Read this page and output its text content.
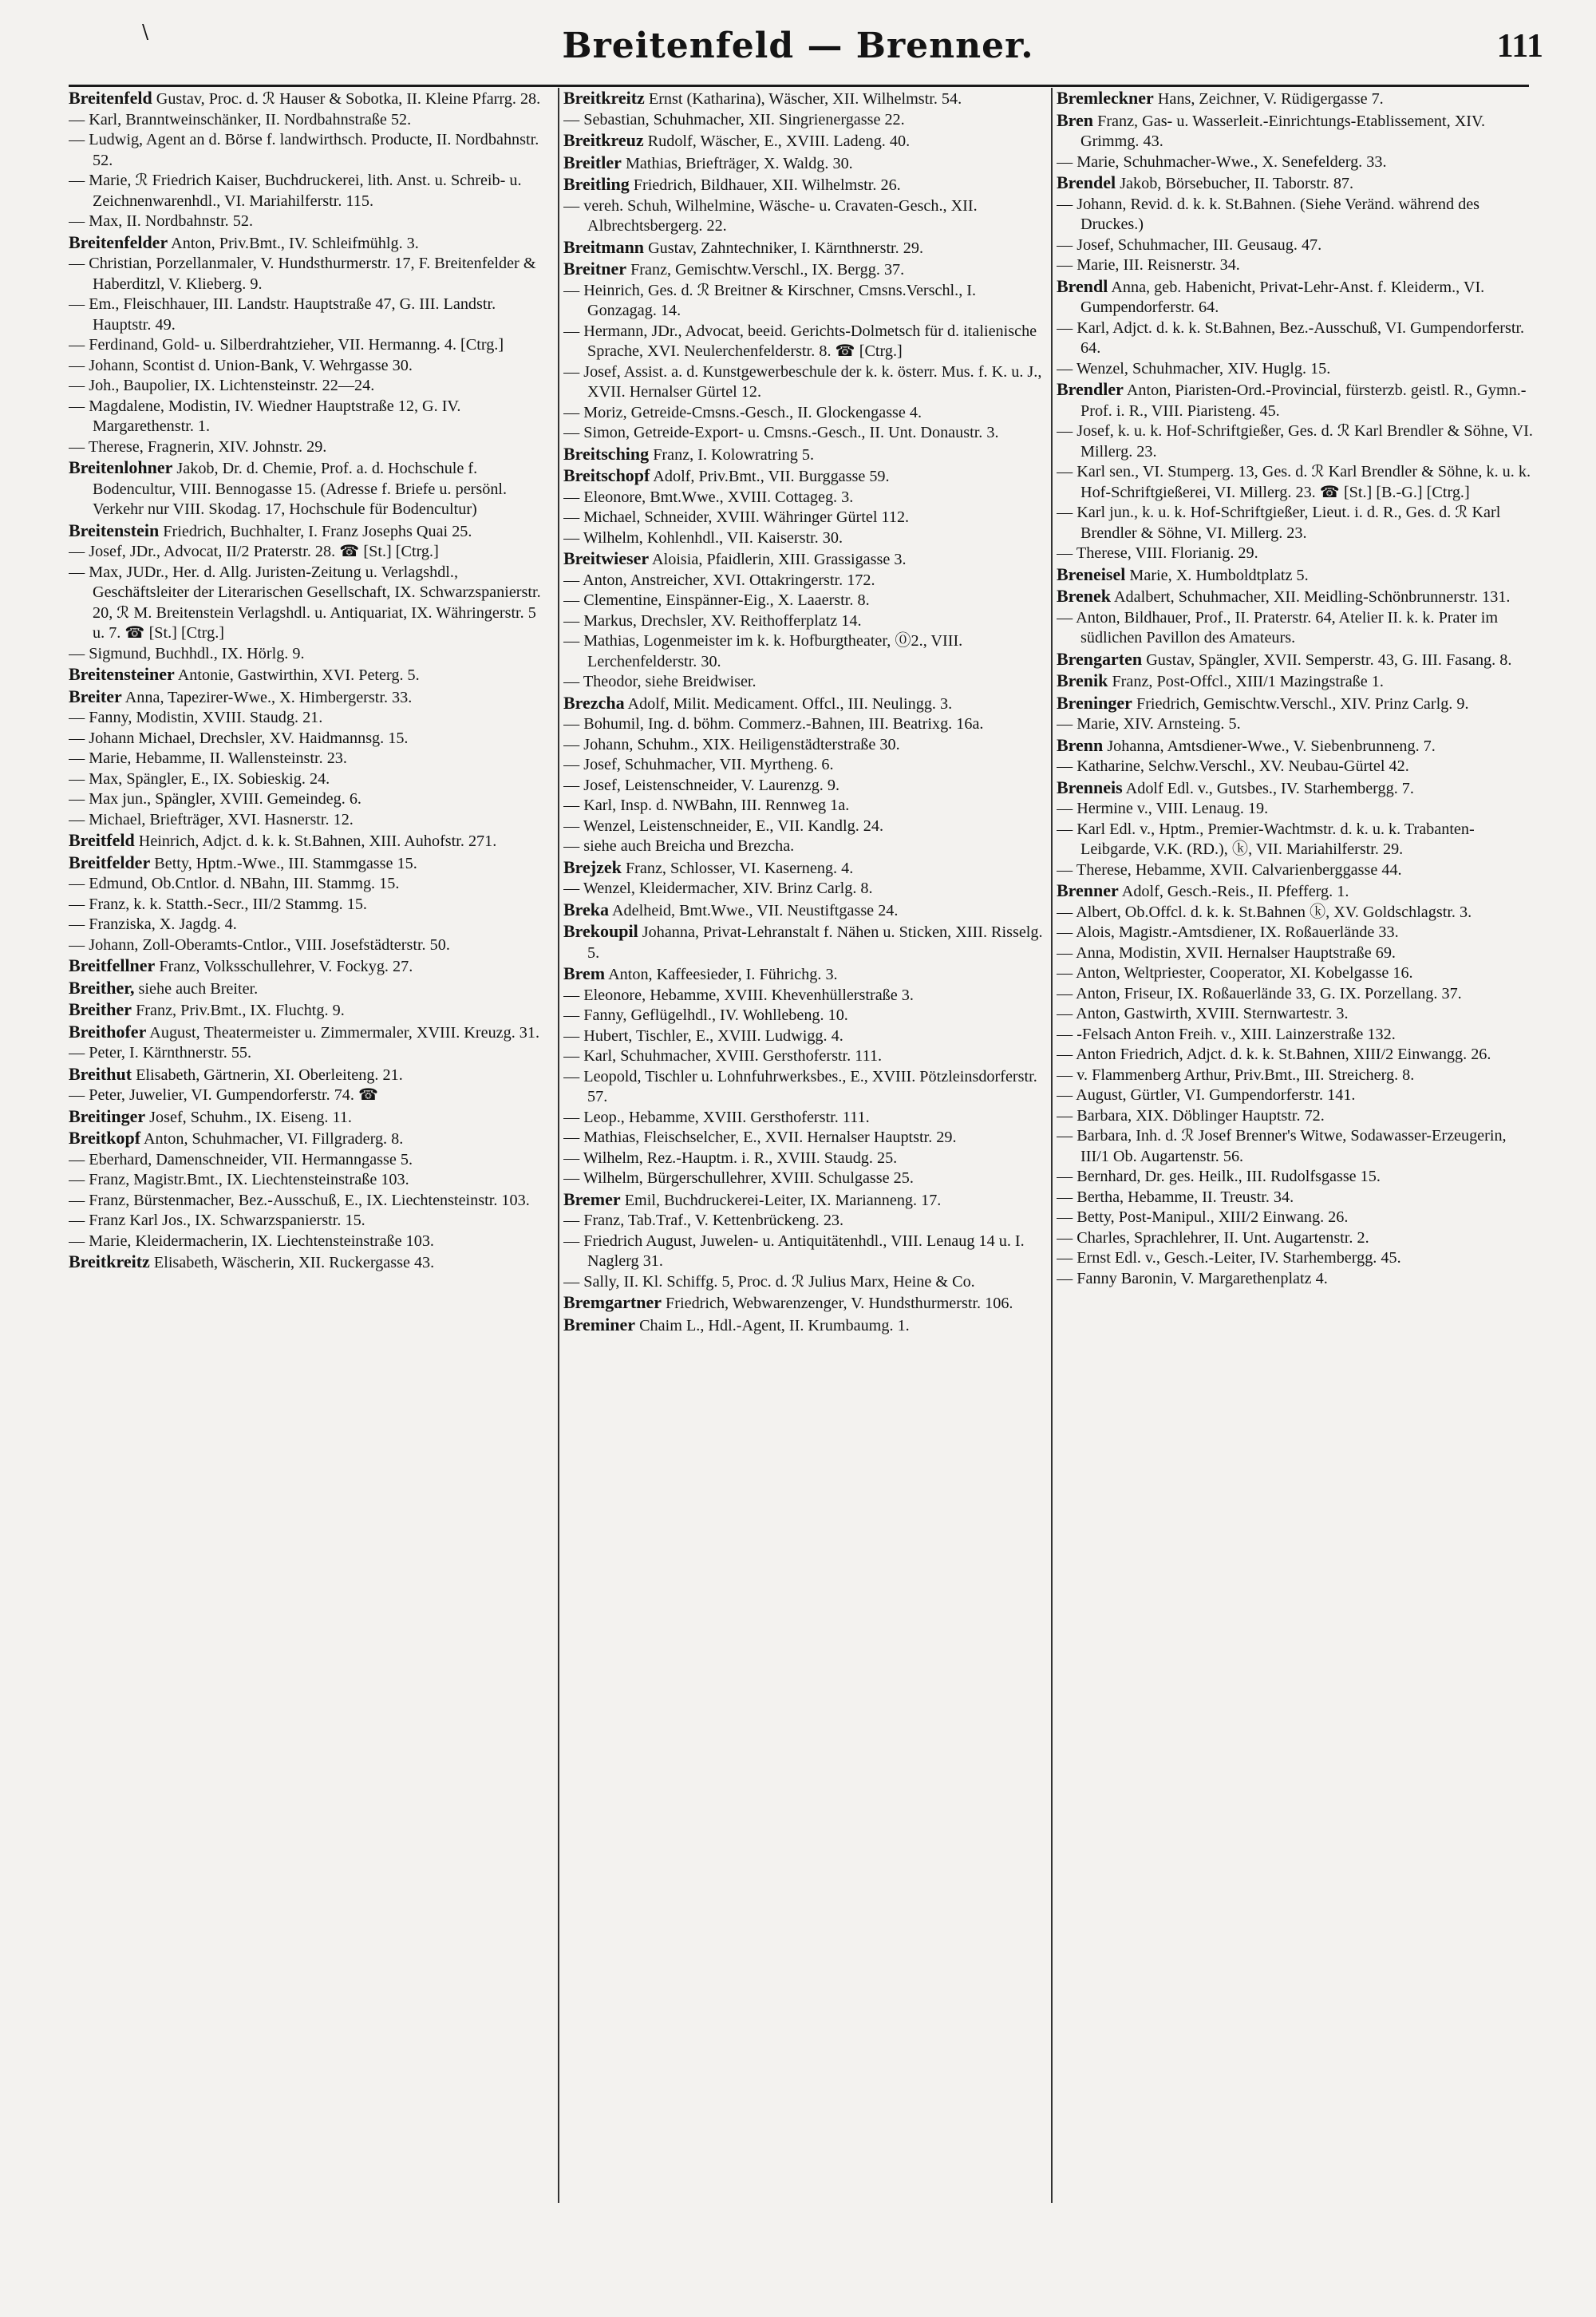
\	Breitenfeld — Brenner.	111

Breitenfeld Gustav, Proc. d. ℛ Hauser & Sobotka, II. Kleine Pfarrg. 28.

— Karl, Branntweinschänker, II. Nordbahnstraße 52.

— Ludwig, Agent an d. Börse f. landwirthsch. Producte, II. Nordbahnstr. 52.

— Marie, ℛ Friedrich Kaiser, Buchdruckerei, lith. Anst. u. Schreib- u. Zeichnenwarenhdl., VI. Mariahilferstr. 115.

— Max, II. Nordbahnstr. 52.

Breitenfelder Anton, Priv.Bmt., IV. Schleifmühlg. 3.

— Christian, Porzellanmaler, V. Hundsthurmerstr. 17, F. Breitenfelder & Haberditzl, V. Klieberg. 9.

— Em., Fleischhauer, III. Landstr. Hauptstraße 47, G. III. Landstr. Hauptstr. 49.

— Ferdinand, Gold- u. Silberdrahtzieher, VII. Hermanng. 4. [Ctrg.]

— Johann, Scontist d. Union-Bank, V. Wehrgasse 30.

— Joh., Baupolier, IX. Lichtensteinstr. 22—24.

— Magdalene, Modistin, IV. Wiedner Hauptstraße 12, G. IV. Margarethenstr. 1.

— Therese, Fragnerin, XIV. Johnstr. 29.

Breitenlohner Jakob, Dr. d. Chemie, Prof. a. d. Hochschule f. Bodencultur, VIII. Bennogasse 15. (Adresse f. Briefe u. persönl. Verkehr nur VIII. Skodag. 17, Hochschule für Bodencultur)

Breitenstein Friedrich, Buchhalter, I. Franz Josephs Quai 25.

— Josef, JDr., Advocat, II/2 Praterstr. 28. ☎ [St.] [Ctrg.]

— Max, JUDr., Her. d. Allg. Juristen-Zeitung u. Verlagshdl., Geschäftsleiter der Literarischen Gesellschaft, IX. Schwarzspanierstr. 20, ℛ M. Breitenstein Verlagshdl. u. Antiquariat, IX. Währingerstr. 5 u. 7. ☎ [St.] [Ctrg.]

— Sigmund, Buchhdl., IX. Hörlg. 9.

Breitensteiner Antonie, Gastwirthin, XVI. Peterg. 5.

Breiter Anna, Tapezirer-Wwe., X. Himbergerstr. 33.

— Fanny, Modistin, XVIII. Staudg. 21.

— Johann Michael, Drechsler, XV. Haidmannsg. 15.

— Marie, Hebamme, II. Wallensteinstr. 23.

— Max, Spängler, E., IX. Sobieskig. 24.

— Max jun., Spängler, XVIII. Gemeindeg. 6.

— Michael, Briefträger, XVI. Hasnerstr. 12.

Breitfeld Heinrich, Adjct. d. k. k. St.Bahnen, XIII. Auhofstr. 271.

Breitfelder Betty, Hptm.-Wwe., III. Stammgasse 15.

— Edmund, Ob.Cntlor. d. NBahn, III. Stammg. 15.

— Franz, k. k. Statth.-Secr., III/2 Stammg. 15.

— Franziska, X. Jagdg. 4.

— Johann, Zoll-Oberamts-Cntlor., VIII. Josefstädterstr. 50.

Breitfellner Franz, Volksschullehrer, V. Fockyg. 27.

Breither, siehe auch Breiter.

Breither Franz, Priv.Bmt., IX. Fluchtg. 9.

Breithofer August, Theatermeister u. Zimmermaler, XVIII. Kreuzg. 31.

— Peter, I. Kärnthnerstr. 55.

Breithut Elisabeth, Gärtnerin, XI. Oberleiteng. 21.

— Peter, Juwelier, VI. Gumpendorferstr. 74. ☎

Breitinger Josef, Schuhm., IX. Eiseng. 11.

Breitkopf Anton, Schuhmacher, VI. Fillgraderg. 8.

— Eberhard, Damenschneider, VII. Hermanngasse 5.

— Franz, Magistr.Bmt., IX. Liechtensteinstraße 103.

— Franz, Bürstenmacher, Bez.-Ausschuß, E., IX. Liechtensteinstr. 103.

— Franz Karl Jos., IX. Schwarzspanierstr. 15.

— Marie, Kleidermacherin, IX. Liechtensteinstraße 103.

Breitkreitz Elisabeth, Wäscherin, XII. Ruckergasse 43.

Breitkreitz Ernst (Katharina), Wäscher, XII. Wilhelmstr. 54.

— Sebastian, Schuhmacher, XII. Singrienergasse 22.

Breitkreuz Rudolf, Wäscher, E., XVIII. Ladeng. 40.

Breitler Mathias, Briefträger, X. Waldg. 30.

Breitling Friedrich, Bildhauer, XII. Wilhelmstr. 26.

— vereh. Schuh, Wilhelmine, Wäsche- u. Cravaten-Gesch., XII. Albrechtsbergerg. 22.

Breitmann Gustav, Zahntechniker, I. Kärnthnerstr. 29.

Breitner Franz, Gemischtw.Verschl., IX. Bergg. 37.

— Heinrich, Ges. d. ℛ Breitner & Kirschner, Cmsns.Verschl., I. Gonzagag. 14.

— Hermann, JDr., Advocat, beeid. Gerichts-Dolmetsch für d. italienische Sprache, XVI. Neulerchenfelderstr. 8. ☎ [Ctrg.]

— Josef, Assist. a. d. Kunstgewerbeschule der k. k. österr. Mus. f. K. u. J., XVII. Hernalser Gürtel 12.

— Moriz, Getreide-Cmsns.-Gesch., II. Glockengasse 4.

— Simon, Getreide-Export- u. Cmsns.-Gesch., II. Unt. Donaustr. 3.

Breitsching Franz, I. Kolowratring 5.

Breitschopf Adolf, Priv.Bmt., VII. Burggasse 59.

— Eleonore, Bmt.Wwe., XVIII. Cottageg. 3.

— Michael, Schneider, XVIII. Währinger Gürtel 112.

— Wilhelm, Kohlenhdl., VII. Kaiserstr. 30.

Breitwieser Aloisia, Pfaidlerin, XIII. Grassigasse 3.

— Anton, Anstreicher, XVI. Ottakringerstr. 172.

— Clementine, Einspänner-Eig., X. Laaerstr. 8.

— Markus, Drechsler, XV. Reithofferplatz 14.

— Mathias, Logenmeister im k. k. Hofburgtheater, ⓪2., VIII. Lerchenfelderstr. 30.

— Theodor, siehe Breidwiser.

Brezcha Adolf, Milit. Medicament. Offcl., III. Neulingg. 3.

— Bohumil, Ing. d. böhm. Commerz.-Bahnen, III. Beatrixg. 16a.

— Johann, Schuhm., XIX. Heiligenstädterstraße 30.

— Josef, Schuhmacher, VII. Myrtheng. 6.

— Josef, Leistenschneider, V. Laurenzg. 9.

— Karl, Insp. d. NWBahn, III. Rennweg 1a.

— Wenzel, Leistenschneider, E., VII. Kandlg. 24.

— siehe auch Breicha und Brezcha.

Brejzek Franz, Schlosser, VI. Kaserneng. 4.

— Wenzel, Kleidermacher, XIV. Brinz Carlg. 8.

Breka Adelheid, Bmt.Wwe., VII. Neustiftgasse 24.

Brekoupil Johanna, Privat-Lehranstalt f. Nähen u. Sticken, XIII. Risselg. 5.

Brem Anton, Kaffeesieder, I. Führichg. 3.

— Eleonore, Hebamme, XVIII. Khevenhüllerstraße 3.

— Fanny, Geflügelhdl., IV. Wohllebeng. 10.

— Hubert, Tischler, E., XVIII. Ludwigg. 4.

— Karl, Schuhmacher, XVIII. Gersthoferstr. 111.

— Leopold, Tischler u. Lohnfuhrwerksbes., E., XVIII. Pötzleinsdorferstr. 57.

— Leop., Hebamme, XVIII. Gersthoferstr. 111.

— Mathias, Fleischselcher, E., XVII. Hernalser Hauptstr. 29.

— Wilhelm, Rez.-Hauptm. i. R., XVIII. Staudg. 25.

— Wilhelm, Bürgerschullehrer, XVIII. Schulgasse 25.

Bremer Emil, Buchdruckerei-Leiter, IX. Marianneng. 17.

— Franz, Tab.Traf., V. Kettenbrückeng. 23.

— Friedrich August, Juwelen- u. Antiquitätenhdl., VIII. Lenaug 14 u. I. Naglerg 31.

— Sally, II. Kl. Schiffg. 5, Proc. d. ℛ Julius Marx, Heine & Co.

Bremgartner Friedrich, Webwarenzenger, V. Hundsthurmerstr. 106.

Breminer Chaim L., Hdl.-Agent, II. Krumbaumg. 1.

Bremleckner Hans, Zeichner, V. Rüdigergasse 7.

Bren Franz, Gas- u. Wasserleit.-Einrichtungs-Etablissement, XIV. Grimmg. 43.

— Marie, Schuhmacher-Wwe., X. Senefelderg. 33.

Brendel Jakob, Börsebucher, II. Taborstr. 87.

— Johann, Revid. d. k. k. St.Bahnen. (Siehe Veränd. während des Druckes.)

— Josef, Schuhmacher, III. Geusaug. 47.

— Marie, III. Reisnerstr. 34.

Brendl Anna, geb. Habenicht, Privat-Lehr-Anst. f. Kleiderm., VI. Gumpendorferstr. 64.

— Karl, Adjct. d. k. k. St.Bahnen, Bez.-Ausschuß, VI. Gumpendorferstr. 64.

— Wenzel, Schuhmacher, XIV. Huglg. 15.

Brendler Anton, Piaristen-Ord.-Provincial, fürsterzb. geistl. R., Gymn.-Prof. i. R., VIII. Piaristeng. 45.

— Josef, k. u. k. Hof-Schriftgießer, Ges. d. ℛ Karl Brendler & Söhne, VI. Millerg. 23.

— Karl sen., VI. Stumperg. 13, Ges. d. ℛ Karl Brendler & Söhne, k. u. k. Hof-Schriftgießerei, VI. Millerg. 23. ☎ [St.] [B.-G.] [Ctrg.]

— Karl jun., k. u. k. Hof-Schriftgießer, Lieut. i. d. R., Ges. d. ℛ Karl Brendler & Söhne, VI. Millerg. 23.

— Therese, VIII. Florianig. 29.

Breneisel Marie, X. Humboldtplatz 5.

Brenek Adalbert, Schuhmacher, XII. Meidling-Schönbrunnerstr. 131.

— Anton, Bildhauer, Prof., II. Praterstr. 64, Atelier II. k. k. Prater im südlichen Pavillon des Amateurs.

Brengarten Gustav, Spängler, XVII. Semperstr. 43, G. III. Fasang. 8.

Brenik Franz, Post-Offcl., XIII/1 Mazingstraße 1.

Breninger Friedrich, Gemischtw.Verschl., XIV. Prinz Carlg. 9.

— Marie, XIV. Arnsteing. 5.

Brenn Johanna, Amtsdiener-Wwe., V. Siebenbrunneng. 7.

— Katharine, Selchw.Verschl., XV. Neubau-Gürtel 42.

Brenneis Adolf Edl. v., Gutsbes., IV. Starhembergg. 7.

— Hermine v., VIII. Lenaug. 19.

— Karl Edl. v., Hptm., Premier-Wachtmstr. d. k. u. k. Trabanten-Leibgarde, V.K. (RD.), ⓚ, VII. Mariahilferstr. 29.

— Therese, Hebamme, XVII. Calvarienberggasse 44.

Brenner Adolf, Gesch.-Reis., II. Pfefferg. 1.

— Albert, Ob.Offcl. d. k. k. St.Bahnen ⓚ, XV. Goldschlagstr. 3.

— Alois, Magistr.-Amtsdiener, IX. Roßauerlände 33.

— Anna, Modistin, XVII. Hernalser Hauptstraße 69.

— Anton, Weltpriester, Cooperator, XI. Kobelgasse 16.

— Anton, Friseur, IX. Roßauerlände 33, G. IX. Porzellang. 37.

— Anton, Gastwirth, XVIII. Sternwartestr. 3.

— -Felsach Anton Freih. v., XIII. Lainzerstraße 132.

— Anton Friedrich, Adjct. d. k. k. St.Bahnen, XIII/2 Einwangg. 26.

— v. Flammenberg Arthur, Priv.Bmt., III. Streicherg. 8.

— August, Gürtler, VI. Gumpendorferstr. 141.

— Barbara, XIX. Döblinger Hauptstr. 72.

— Barbara, Inh. d. ℛ Josef Brenner's Witwe, Sodawasser-Erzeugerin, III/1 Ob. Augartenstr. 56.

— Bernhard, Dr. ges. Heilk., III. Rudolfsgasse 15.

— Bertha, Hebamme, II. Treustr. 34.

— Betty, Post-Manipul., XIII/2 Einwang. 26.

— Charles, Sprachlehrer, II. Unt. Augartenstr. 2.

— Ernst Edl. v., Gesch.-Leiter, IV. Starhembergg. 45.

— Fanny Baronin, V. Margarethenplatz 4.
